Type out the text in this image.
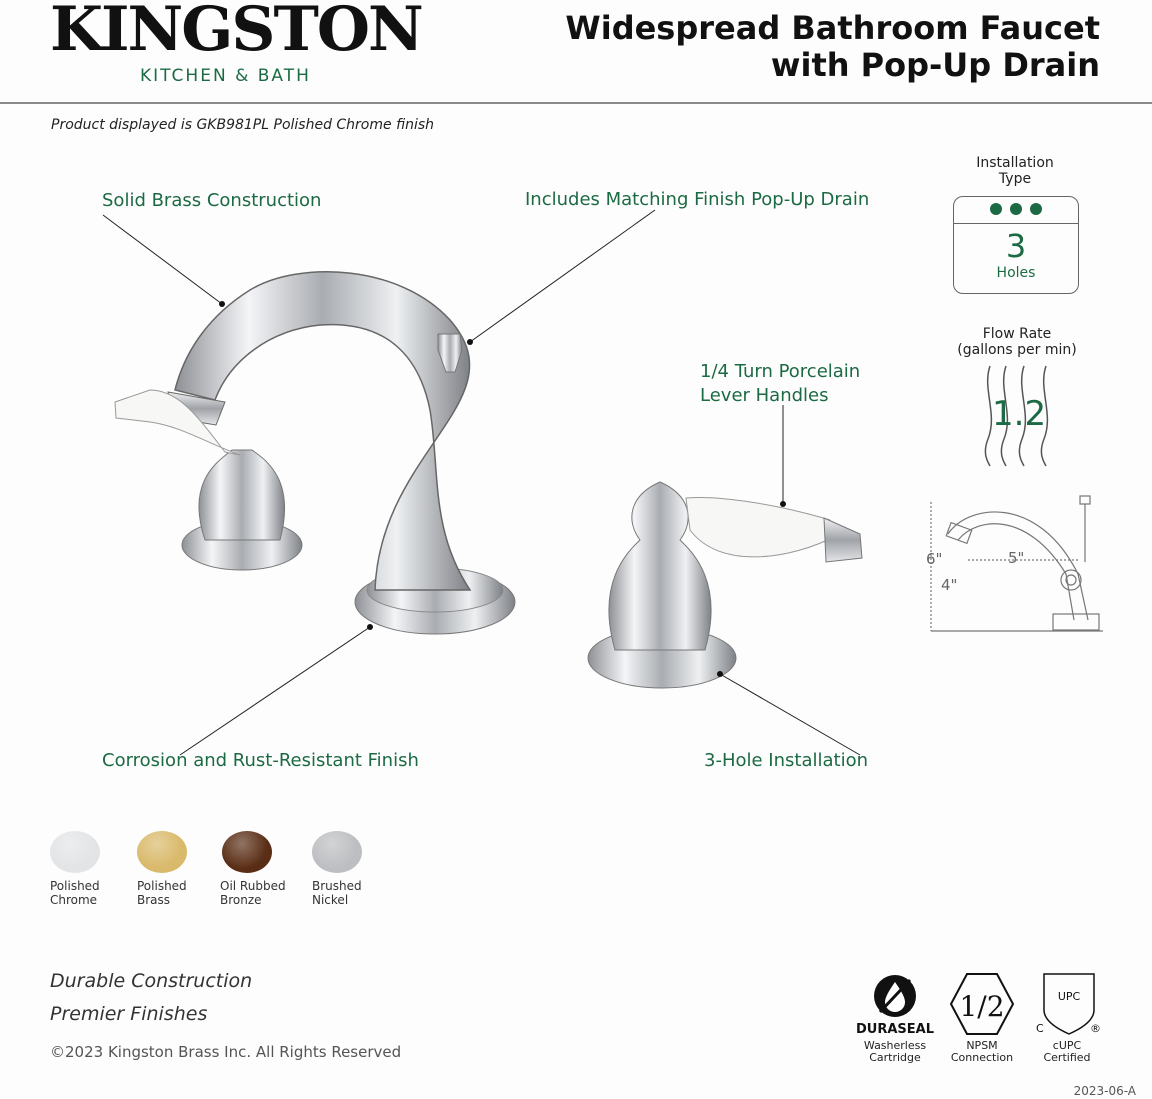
KINGSTON
KITCHEN & BATH
Widespread Bathroom Faucet
with Pop-Up Drain
Product displayed is GKB981PL Polished Chrome finish
Solid Brass Construction	Includes Matching Finish Pop-Up Drain
1/4 Turn Porcelain
Lever Handles
Corrosion and Rust-Resistant Finish	3-Hole Installation
Installation
Type
3
Holes
Flow Rate
(gallons per min)
1.2
6"	5"
4"
Polished
Chrome
Polished
Brass
Oil Rubbed
Bronze
Brushed
Nickel
Durable Construction
Premier Finishes
©2023 Kingston Brass Inc. All Rights Reserved
DURASEAL
Washerless
Cartridge
1/2
NPSM
Connection
UPC
C	®
cUPC
Certified
2023-06-A
